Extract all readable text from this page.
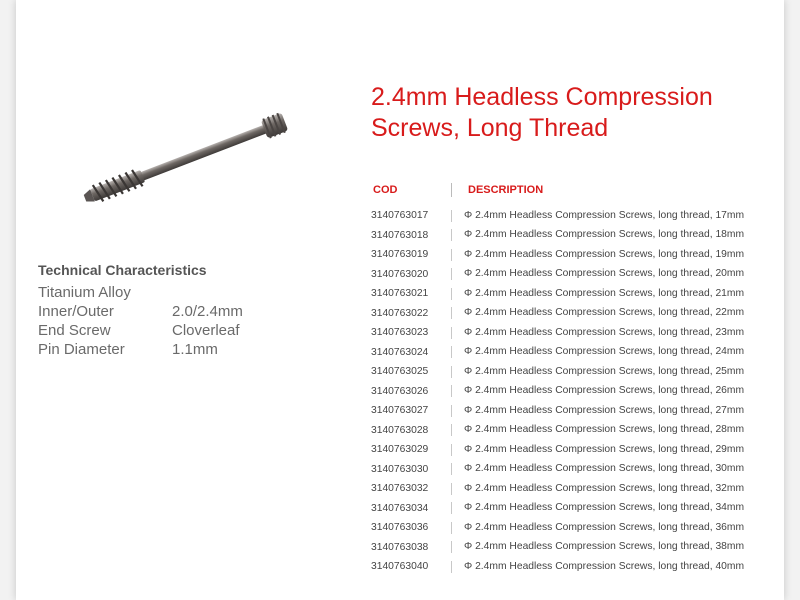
Technical Characteristics
Titanium Alloy
Inner/Outer	2.0/2.4mm
End Screw	Cloverleaf
Pin Diameter	1.1mm
2.4mm Headless Compression
Screws, Long Thread
COD	DESCRIPTION
3140763017	Φ 2.4mm Headless Compression Screws, long thread, 17mm
3140763018	Φ 2.4mm Headless Compression Screws, long thread, 18mm
3140763019	Φ 2.4mm Headless Compression Screws, long thread, 19mm
3140763020	Φ 2.4mm Headless Compression Screws, long thread, 20mm
3140763021	Φ 2.4mm Headless Compression Screws, long thread, 21mm
3140763022	Φ 2.4mm Headless Compression Screws, long thread, 22mm
3140763023	Φ 2.4mm Headless Compression Screws, long thread, 23mm
3140763024	Φ 2.4mm Headless Compression Screws, long thread, 24mm
3140763025	Φ 2.4mm Headless Compression Screws, long thread, 25mm
3140763026	Φ 2.4mm Headless Compression Screws, long thread, 26mm
3140763027	Φ 2.4mm Headless Compression Screws, long thread, 27mm
3140763028	Φ 2.4mm Headless Compression Screws, long thread, 28mm
3140763029	Φ 2.4mm Headless Compression Screws, long thread, 29mm
3140763030	Φ 2.4mm Headless Compression Screws, long thread, 30mm
3140763032	Φ 2.4mm Headless Compression Screws, long thread, 32mm
3140763034	Φ 2.4mm Headless Compression Screws, long thread, 34mm
3140763036	Φ 2.4mm Headless Compression Screws, long thread, 36mm
3140763038	Φ 2.4mm Headless Compression Screws, long thread, 38mm
3140763040	Φ 2.4mm Headless Compression Screws, long thread, 40mm
